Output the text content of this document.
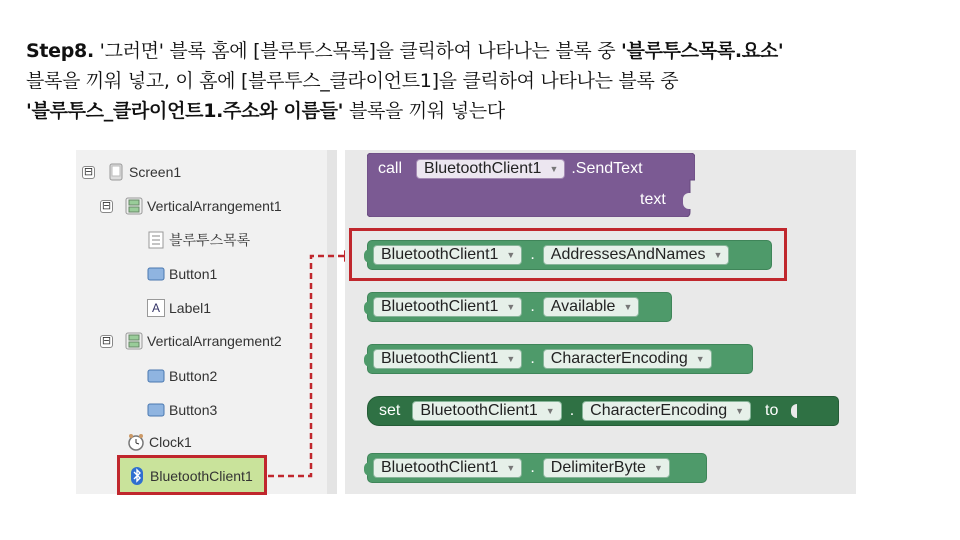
Step8. '그러면' 블록 홈에 [블루투스목록]을 클릭하여 나타나는 블록 중 '블루투스목록.요소'
블록을 끼워 넣고, 이 홈에 [블루투스_클라이언트1]을 클릭하여 나타나는 블록 중
'블루투스_클라이언트1.주소와 이름들' 블록을 끼워 넣는다
⊟	Screen1
⊟	VerticalArrangement1
블루투스목록
Button1
A Label1
⊟	VerticalArrangement2
Button2
Button3
Clock1
BluetoothClient1
call BluetoothClient1 ▼ .SendText
text
BluetoothClient1 ▼ . AddressesAndNames ▼
BluetoothClient1 ▼ . Available ▼
BluetoothClient1 ▼ . CharacterEncoding ▼
set BluetoothClient1 ▼ . CharacterEncoding ▼ to
BluetoothClient1 ▼ . DelimiterByte ▼
